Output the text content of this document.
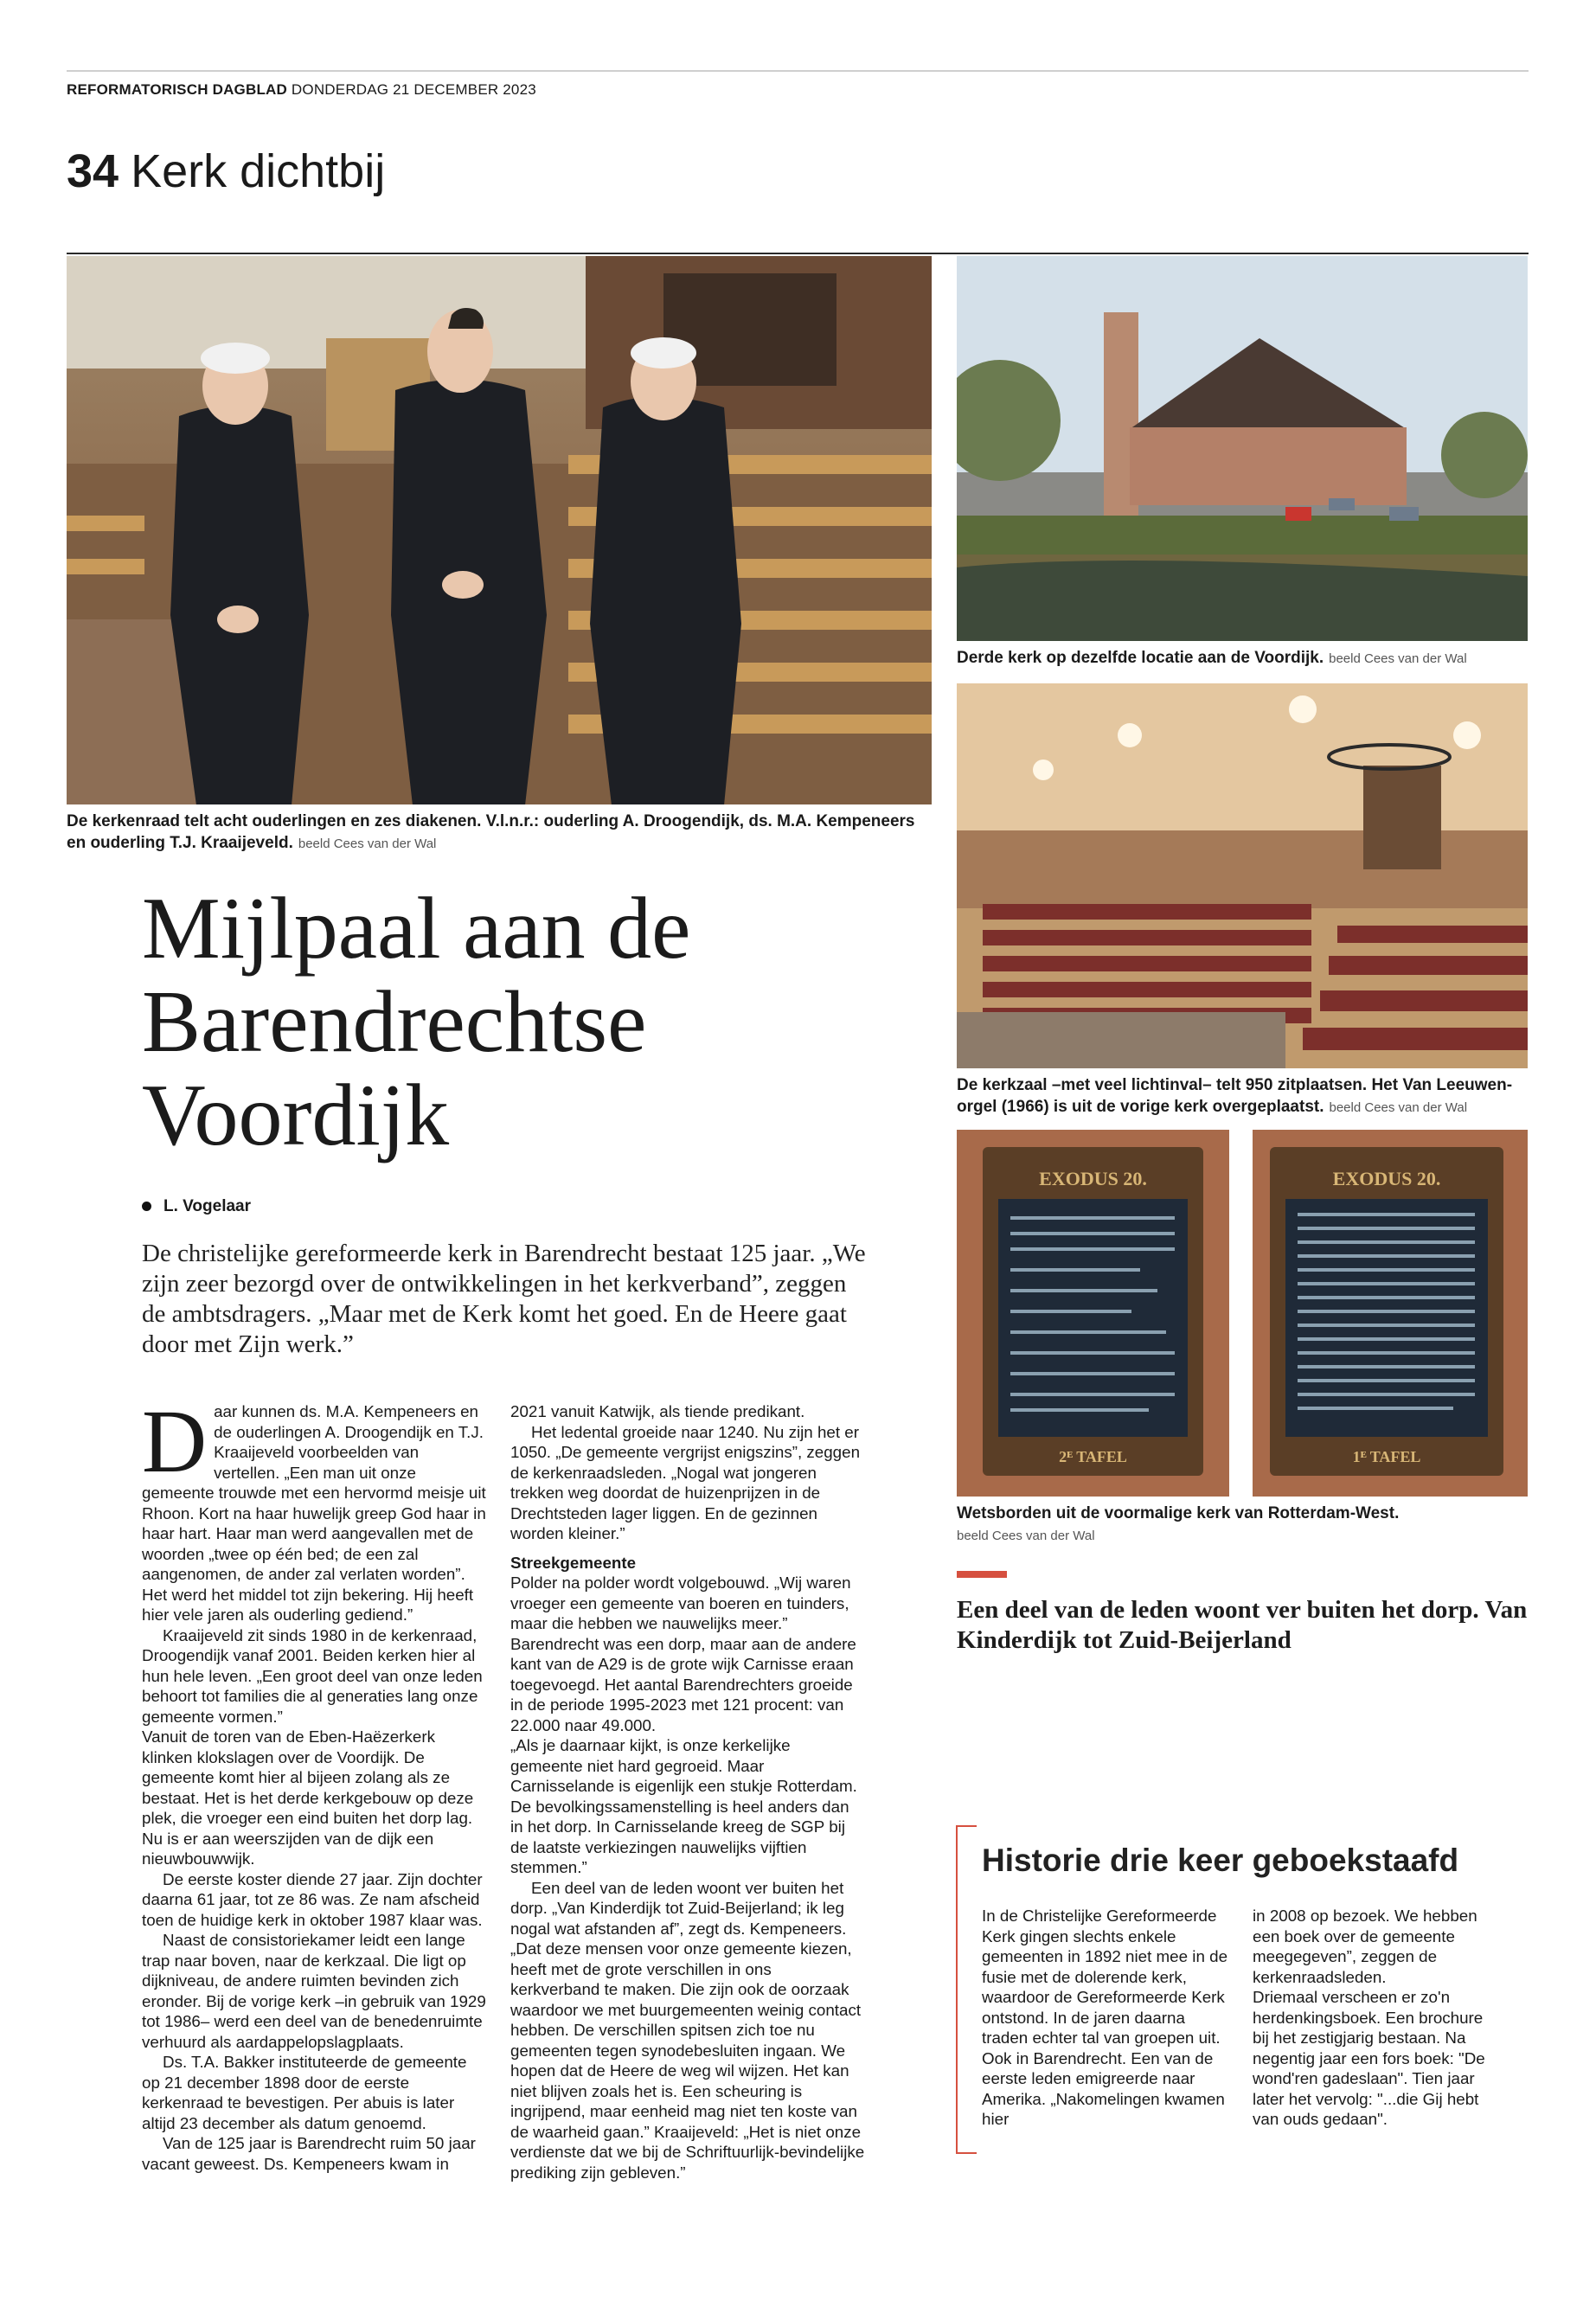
REFORMATORISCH DAGBLAD DONDERDAG 21 DECEMBER 2023
34 Kerk dichtbij
De kerkenraad telt acht ouderlingen en zes diakenen. V.l.n.r.: ouderling A. Droogendijk, ds. M.A. Kempeneers en ouderling T.J. Kraaijeveld. beeld Cees van der Wal
Derde kerk op dezelfde locatie aan de Voordijk. beeld Cees van der Wal
De kerkzaal –met veel lichtinval– telt 950 zitplaatsen. Het Van Leeuwen-orgel (1966) is uit de vorige kerk overgeplaatst. beeld Cees van der Wal
EXODUS 20.
2ᴱ TAFEL
EXODUS 20.
1ᴱ TAFEL
Wetsborden uit de voormalige kerk van Rotterdam-West.
beeld Cees van der Wal
Mijlpaal aan de
Barendrechtse
Voordijk
L. Vogelaar
De christelijke gereformeerde kerk in Barendrecht bestaat 125 jaar. „We zijn zeer bezorgd over de ontwikkelingen in het kerkverband”, zeggen de ambtsdragers. „Maar met de Kerk komt het goed. En de Heere gaat door met Zijn werk.”
D aar kunnen ds. M.A. Kempeneers en de ouderlingen A. Droogendijk en T.J. Kraaijeveld voorbeelden van vertellen. „Een man uit onze gemeente trouwde met een hervormd meisje uit Rhoon. Kort na haar huwelijk greep God haar in haar hart. Haar man werd aangevallen met de woorden „twee op één bed; de een zal aangenomen, de ander zal verlaten worden”. Het werd het middel tot zijn bekering. Hij heeft hier vele jaren als ouderling gediend.”

Kraaijeveld zit sinds 1980 in de kerkenraad, Droogendijk vanaf 2001. Beiden kerken hier al hun hele leven. „Een groot deel van onze leden behoort tot families die al generaties lang onze gemeente vormen.”

Vanuit de toren van de Eben-Haëzerkerk klinken klokslagen over de Voordijk. De gemeente komt hier al bijeen zolang als ze bestaat. Het is het derde kerkgebouw op deze plek, die vroeger een eind buiten het dorp lag. Nu is er aan weerszijden van de dijk een nieuwbouwwijk.

De eerste koster diende 27 jaar. Zijn dochter daarna 61 jaar, tot ze 86 was. Ze nam afscheid toen de huidige kerk in oktober 1987 klaar was.

Naast de consistoriekamer leidt een lange trap naar boven, naar de kerkzaal. Die ligt op dijkniveau, de andere ruimten bevinden zich eronder. Bij de vorige kerk –in gebruik van 1929 tot 1986– werd een deel van de benedenruimte verhuurd als aardappelopslagplaats.

Ds. T.A. Bakker instituteerde de gemeente op 21 december 1898 door de eerste kerkenraad te bevestigen. Per abuis is later altijd 23 december als datum genoemd.

Van de 125 jaar is Barendrecht ruim 50 jaar vacant geweest. Ds. Kempeneers kwam in

2021 vanuit Katwijk, als tiende predikant.

Het ledental groeide naar 1240. Nu zijn het er 1050. „De gemeente vergrijst enigszins”, zeggen de kerkenraadsleden. „Nogal wat jongeren trekken weg doordat de huizenprijzen in de Drechtsteden lager liggen. En de gezinnen worden kleiner.”

Streekgemeente

Polder na polder wordt volgebouwd. „Wij waren vroeger een gemeente van boeren en tuinders, maar die hebben we nauwelijks meer.” Barendrecht was een dorp, maar aan de andere kant van de A29 is de grote wijk Carnisse eraan toegevoegd. Het aantal Barendrechters groeide in de periode 1995-2023 met 121 procent: van 22.000 naar 49.000.

„Als je daarnaar kijkt, is onze kerkelijke gemeente niet hard gegroeid. Maar Carnisselande is eigenlijk een stukje Rotterdam. De bevolkingssamenstelling is heel anders dan in het dorp. In Carnisselande kreeg de SGP bij de laatste verkiezingen nauwelijks vijftien stemmen.”

Een deel van de leden woont ver buiten het dorp. „Van Kinderdijk tot Zuid-Beijerland; ik leg nogal wat afstanden af”, zegt ds. Kempeneers. „Dat deze mensen voor onze gemeente kiezen, heeft met de grote verschillen in ons kerkverband te maken. Die zijn ook de oorzaak waardoor we met buurgemeenten weinig contact hebben. De verschillen spitsen zich toe nu gemeenten tegen synodebesluiten ingaan. We hopen dat de Heere de weg wil wijzen. Het kan niet blijven zoals het is. Een scheuring is ingrijpend, maar eenheid mag niet ten koste van de waarheid gaan.” Kraaijeveld: „Het is niet onze verdienste dat we bij de Schriftuurlijk-bevindelijke prediking zijn gebleven.”

Een deel van de leden woont ver buiten het dorp. Van Kinderdijk tot Zuid-Beijerland
Historie drie keer geboekstaafd

In de Christelijke Gereformeerde Kerk gingen slechts enkele gemeenten in 1892 niet mee in de fusie met de dolerende kerk, waardoor de Gereformeerde Kerk ontstond. In de jaren daarna traden echter tal van groepen uit. Ook in Barendrecht. Een van de eerste leden emigreerde naar Amerika. „Nakomelingen kwamen hier

in 2008 op bezoek. We hebben een boek over de gemeente meegegeven”, zeggen de kerkenraadsleden.

Driemaal verscheen er zo'n herdenkingsboek. Een brochure bij het zestigjarig bestaan. Na negentig jaar een fors boek: "De wond'ren gadeslaan". Tien jaar later het vervolg: "...die Gij hebt van ouds gedaan".
